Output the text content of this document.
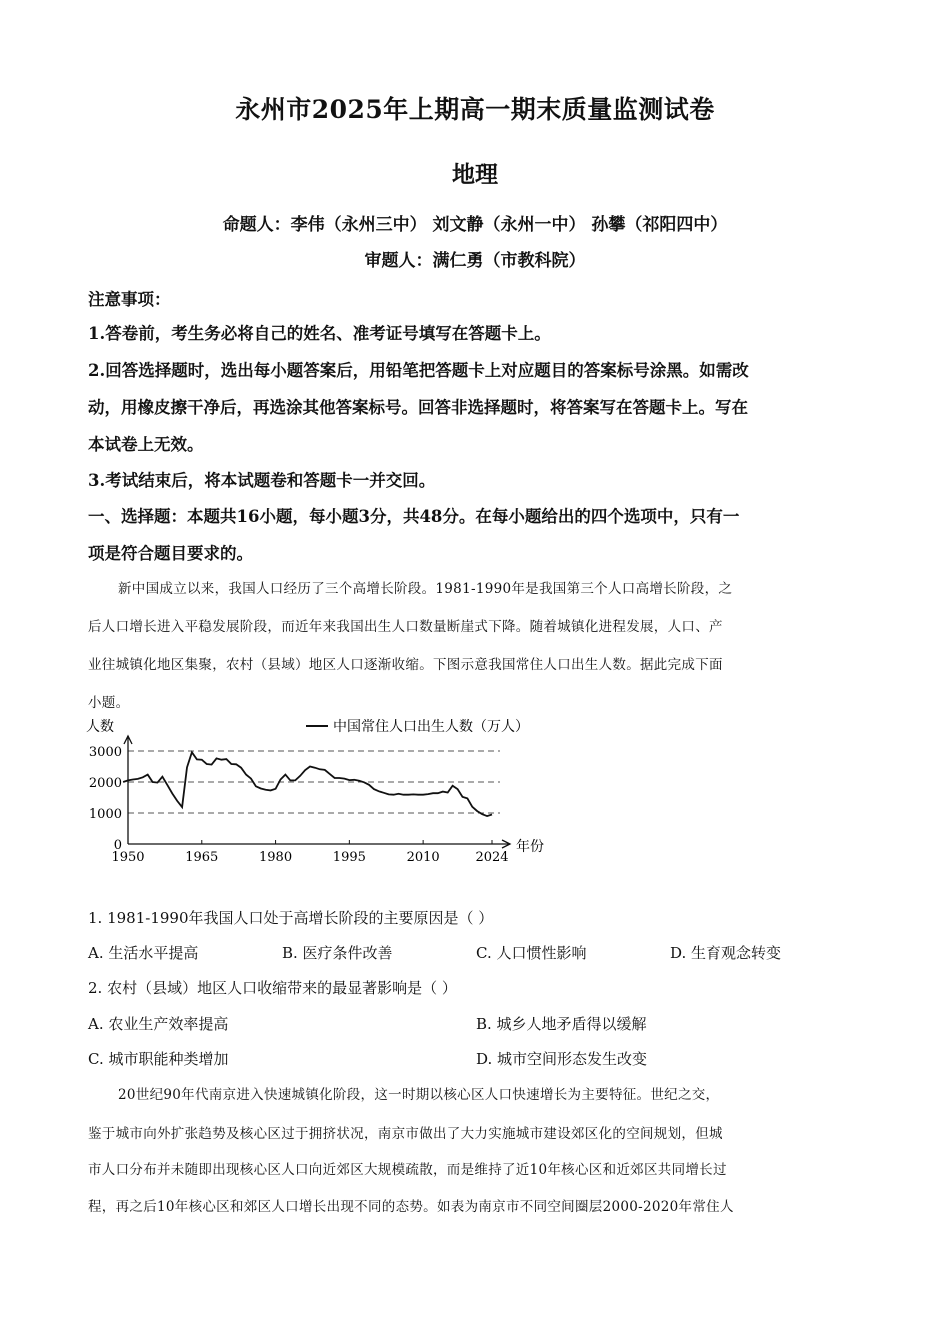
永州市2025年上期高一期末质量监测试卷
地理
命题人：李伟（永州三中） 刘文静（永州一中） 孙攀（祁阳四中）
审题人：满仁勇（市教科院）
注意事项：
1.答卷前，考生务必将自己的姓名、准考证号填写在答题卡上。
2.回答选择题时，选出每小题答案后，用铅笔把答题卡上对应题目的答案标号涂黑。如需改
动，用橡皮擦干净后，再选涂其他答案标号。回答非选择题时，将答案写在答题卡上。写在
本试卷上无效。
3.考试结束后，将本试题卷和答题卡一并交回。
一、选择题：本题共16小题，每小题3分，共48分。在每小题给出的四个选项中，只有一
项是符合题目要求的。
新中国成立以来，我国人口经历了三个高增长阶段。1981-1990年是我国第三个人口高增长阶段，之
后人口增长进入平稳发展阶段，而近年来我国出生人口数量断崖式下降。随着城镇化进程发展，人口、产
业往城镇化地区集聚，农村（县域）地区人口逐渐收缩。下图示意我国常住人口出生人数。据此完成下面
小题。
1950	1965	1980	1995	2010	2024
0
1000
2000
3000
中国常住人口出生人数（万人）
人数
年份
1. 1981-1990年我国人口处于高增长阶段的主要原因是（ ）
A. 生活水平提高	B. 医疗条件改善	C. 人口惯性影响	D. 生育观念转变
2. 农村（县域）地区人口收缩带来的最显著影响是（ ）
A. 农业生产效率提高	B. 城乡人地矛盾得以缓解
C. 城市职能种类增加	D. 城市空间形态发生改变
20世纪90年代南京进入快速城镇化阶段，这一时期以核心区人口快速增长为主要特征。世纪之交，
鉴于城市向外扩张趋势及核心区过于拥挤状况，南京市做出了大力实施城市建设郊区化的空间规划，但城
市人口分布并未随即出现核心区人口向近郊区大规模疏散，而是维持了近10年核心区和近郊区共同增长过
程，再之后10年核心区和郊区人口增长出现不同的态势。如表为南京市不同空间圈层2000-2020年常住人
